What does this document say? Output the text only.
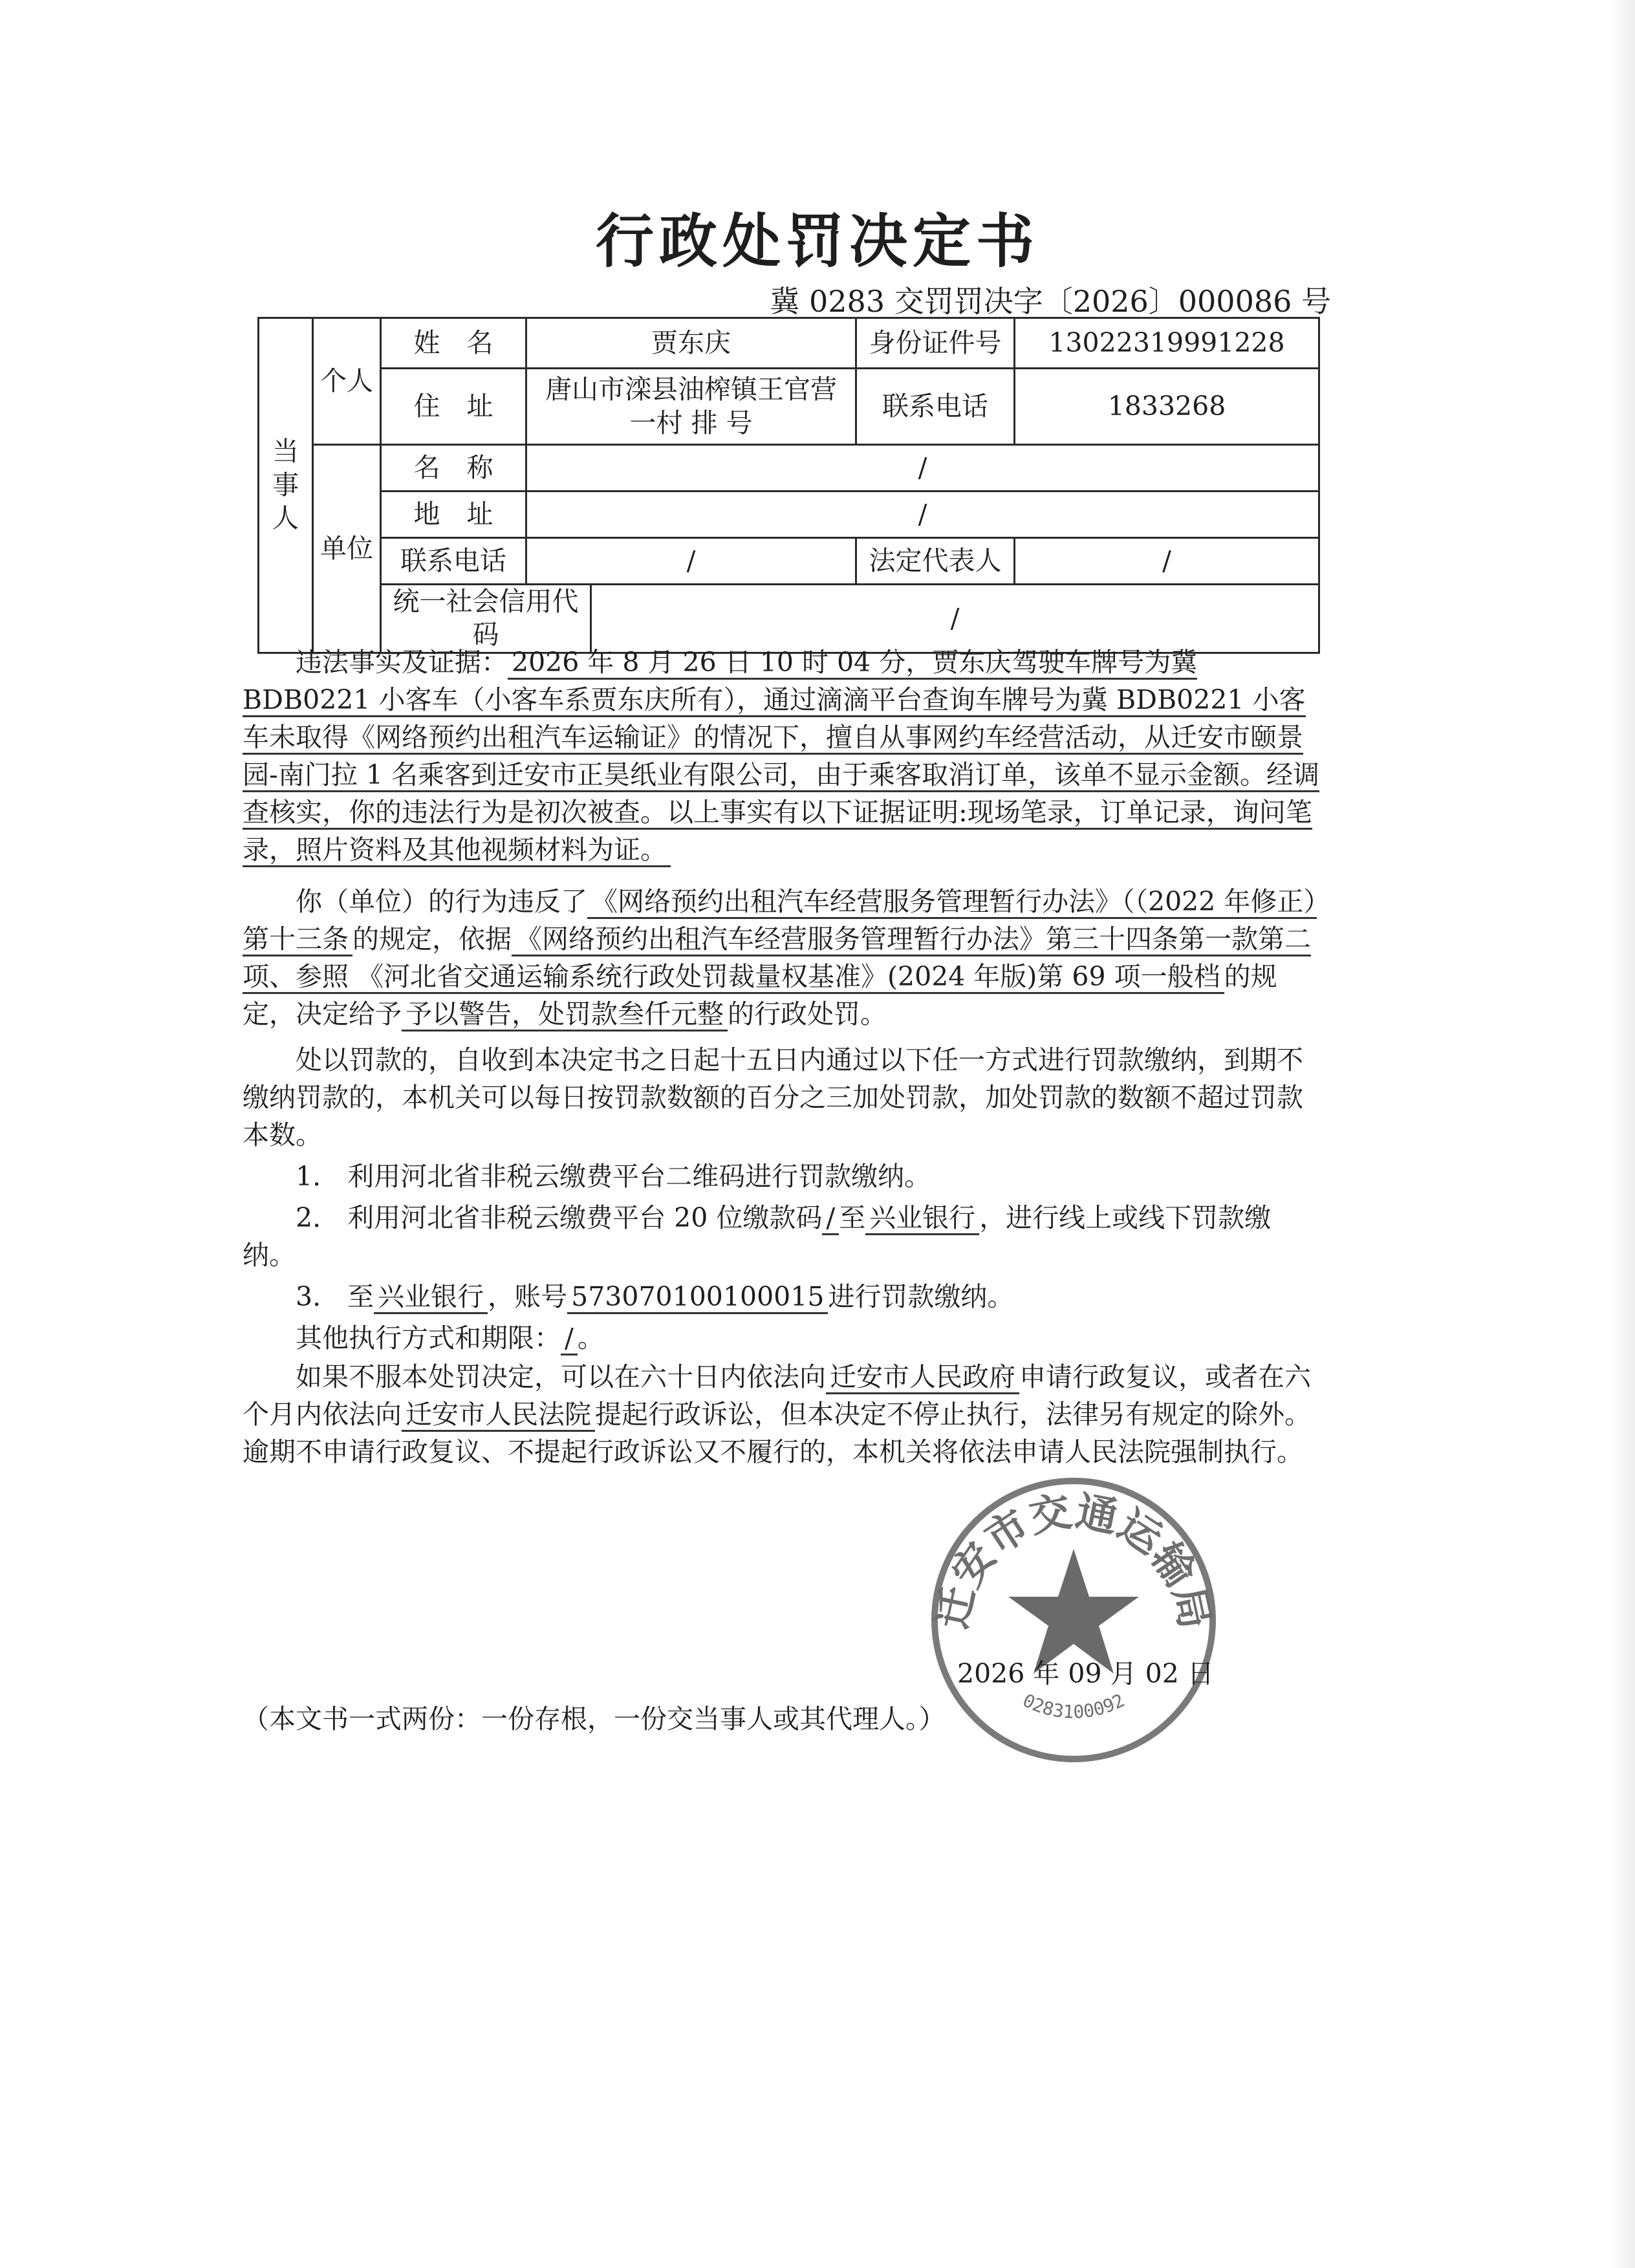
行政处罚决定书
冀 0283 交罚罚决字〔2026〕000086 号
当事人	个人	姓　名	贾东庆		身份证件号	13022319991228
		住　址	唐山市滦县油榨镇王官营一村 排 号		联系电话	1833268
	单位	名　称	/			
		地　址	/			
		联系电话	/		法定代表人	/
		统一社会信用代码		/		

违法事实及证据： 2026 年 8 月 26 日 10 时 04 分，贾东庆驾驶车牌号为冀 BDB0221 小客车（小客车系贾东庆所有），通过滴滴平台查询车牌号为冀 BDB0221 小客车未取得《网络预约出租汽车运输证》的情况下，擅自从事网约车经营活动，从迁安市颐景园-南门拉 1 名乘客到迁安市正昊纸业有限公司，由于乘客取消订单，该单不显示金额。经调查核实，你的违法行为是初次被查。以上事实有以下证据证明:现场笔录，订单记录，询问笔录，照片资料及其他视频材料为证。

你（单位）的行为违反了 《网络预约出租汽车经营服务管理暂行办法》（（2022 年修正）第十三条 的规定，依据 《网络预约出租汽车经营服务管理暂行办法》第三十四条第一款第二项、参照 《河北省交通运输系统行政处罚裁量权基准》(2024 年版)第 69 项一般档 的规定，决定给予 予以警告，处罚款叁仟元整 的行政处罚。

处以罚款的，自收到本决定书之日起十五日内通过以下任一方式进行罚款缴纳，到期不缴纳罚款的，本机关可以每日按罚款数额的百分之三加处罚款，加处罚款的数额不超过罚款本数。

1.　利用河北省非税云缴费平台二维码进行罚款缴纳。

2.　利用河北省非税云缴费平台 20 位缴款码 / 至 兴业银行 ，进行线上或线下罚款缴纳。

3.　至 兴业银行 ，账号 573070100100015 进行罚款缴纳。

其他执行方式和期限： / 。

如果不服本处罚决定，可以在六十日内依法向 迁安市人民政府 申请行政复议，或者在六个月内依法向 迁安市人民法院 提起行政诉讼，但本决定不停止执行，法律另有规定的除外。逾期不申请行政复议、不提起行政诉讼又不履行的，本机关将依法申请人民法院强制执行。

迁安市交通运输局
0283100092
2026 年 09 月 02 日
（本文书一式两份：一份存根，一份交当事人或其代理人。）
